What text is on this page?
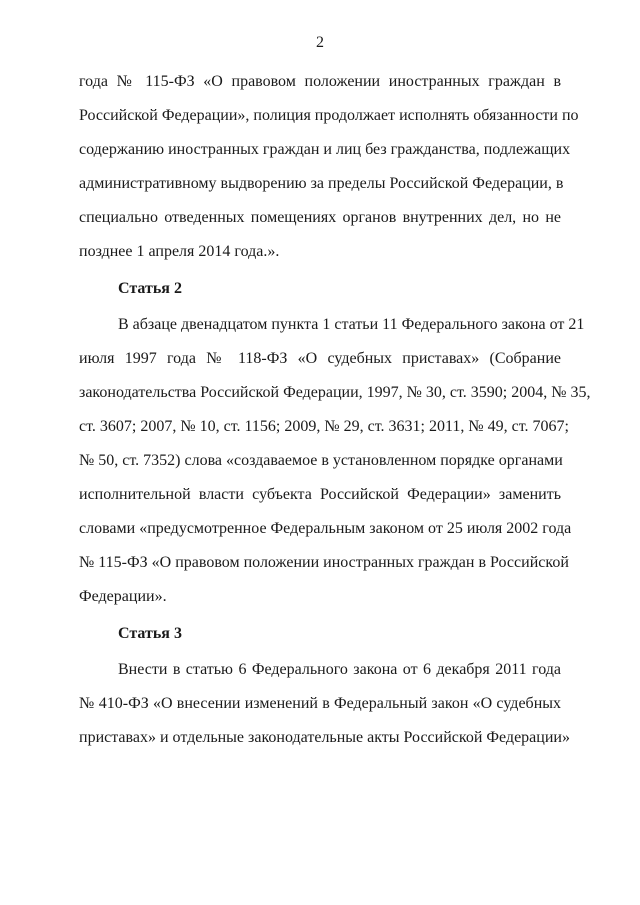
2
года № 115-ФЗ «О правовом положении иностранных граждан в
Российской Федерации», полиция продолжает исполнять обязанности по
содержанию иностранных граждан и лиц без гражданства, подлежащих
административному выдворению за пределы Российской Федерации, в
специально отведенных помещениях органов внутренних дел, но не
позднее 1 апреля 2014 года.».
Статья 2
В абзаце двенадцатом пункта 1 статьи 11 Федерального закона от 21
июля 1997 года № 118-ФЗ «О судебных приставах» (Собрание
законодательства Российской Федерации, 1997, № 30, ст. 3590; 2004, № 35,
ст. 3607; 2007, № 10, ст. 1156; 2009, № 29, ст. 3631; 2011, № 49, ст. 7067;
№ 50, ст. 7352) слова «создаваемое в установленном порядке органами
исполнительной власти субъекта Российской Федерации» заменить
словами «предусмотренное Федеральным законом от 25 июля 2002 года
№ 115-ФЗ «О правовом положении иностранных граждан в Российской
Федерации».
Статья 3
Внести в статью 6 Федерального закона от 6 декабря 2011 года
№ 410-ФЗ «О внесении изменений в Федеральный закон «О судебных
приставах» и отдельные законодательные акты Российской Федерации»
